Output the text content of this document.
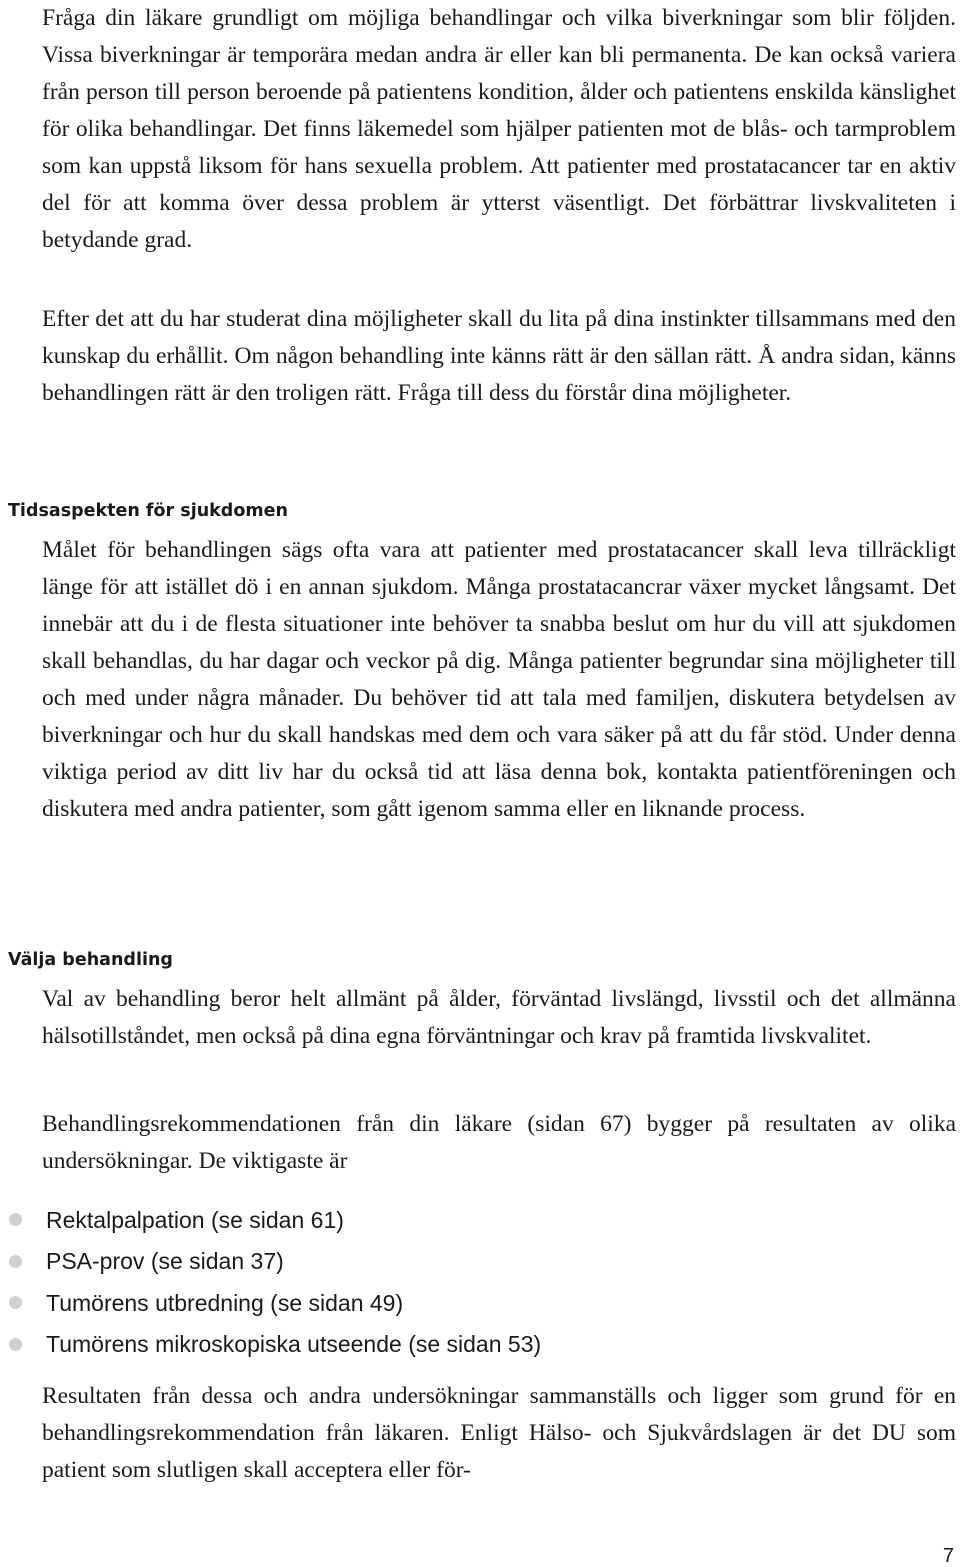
Fråga din läkare grundligt om möjliga behandlingar och vilka biverkningar som blir följden. Vissa biverkningar är temporära medan andra är eller kan bli permanenta. De kan också variera från person till person beroende på patientens kondition, ålder och patientens enskilda känslighet för olika behandlingar. Det finns läkemedel som hjälper patienten mot de blås- och tarmproblem som kan uppstå liksom för hans sexuella problem. Att patienter med prostatacancer tar en aktiv del för att komma över dessa problem är ytterst väsentligt. Det förbättrar livskvaliteten i betydande grad.

Efter det att du har studerat dina möjligheter skall du lita på dina instinkter tillsammans med den kunskap du erhållit. Om någon behandling inte känns rätt är den sällan rätt. Å andra sidan, känns behandlingen rätt är den troligen rätt. Fråga till dess du förstår dina möjligheter.

Tidsaspekten för sjukdomen

Målet för behandlingen sägs ofta vara att patienter med prostatacancer skall leva tillräckligt länge för att istället dö i en annan sjukdom. Många prostatacancrar växer mycket långsamt. Det innebär att du i de flesta situationer inte behöver ta snabba beslut om hur du vill att sjukdomen skall behandlas, du har dagar och veckor på dig. Många patienter begrundar sina möjligheter till och med under några månader. Du behöver tid att tala med familjen, diskutera betydelsen av biverkningar och hur du skall handskas med dem och vara säker på att du får stöd. Under denna viktiga period av ditt liv har du också tid att läsa denna bok, kontakta patientföreningen och diskutera med andra patienter, som gått igenom samma eller en liknande process.

Välja behandling

Val av behandling beror helt allmänt på ålder, förväntad livslängd, livsstil och det allmänna hälsotillståndet, men också på dina egna förväntningar och krav på framtida livskvalitet.

Behandlingsrekommendationen från din läkare (sidan 67) bygger på resultaten av olika undersökningar. De viktigaste är

Rektalpalpation (se sidan 61)
PSA-prov (se sidan 37)
Tumörens utbredning (se sidan 49)
Tumörens mikroskopiska utseende (se sidan 53)

Resultaten från dessa och andra undersökningar sammanställs och ligger som grund för en behandlingsrekommendation från läkaren. Enligt Hälso- och Sjukvårdslagen är det DU som patient som slutligen skall acceptera eller för-

7
